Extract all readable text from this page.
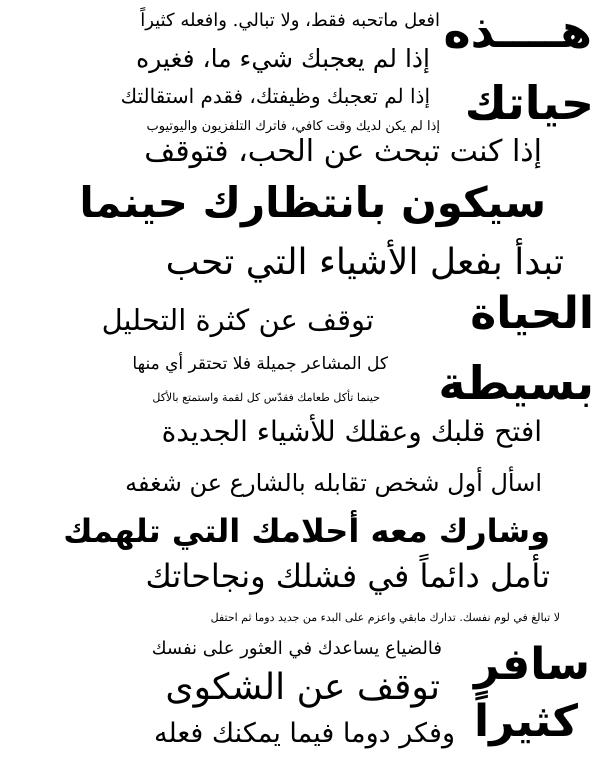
هــــذه
حياتك
الحياة
بسيطة
سافر
كثيراً
افعل ماتحبه فقط، ولا تبالي. وافعله كثيراً
إذا لم يعجبك شيء ما، فغيره
إذا لم تعجبك وظيفتك، فقدم استقالتك
إذا لم يكن لديك وقت كافي، فاترك التلفزيون واليوتيوب
إذا كنت تبحث عن الحب، فتوقف
سيكون بانتظارك حينما
تبدأ بفعل الأشياء التي تحب
توقف عن كثرة التحليل
كل المشاعر جميلة فلا تحتقر أي منها
حينما تأكل طعامك فقدّس كل لقمة واستمتع بالأكل
افتح قلبك وعقلك للأشياء الجديدة
اسأل أول شخص تقابله بالشارع عن شغفه
وشارك معه أحلامك التي تلهمك
تأمل دائماً في فشلك ونجاحاتك
لا تبالغ في لوم نفسك. تدارك مابقي واعزم على البدء من جديد دوما ثم احتفل
فالضياع يساعدك في العثور على نفسك
توقف عن الشكوى
وفكر دوما فيما يمكنك فعله
